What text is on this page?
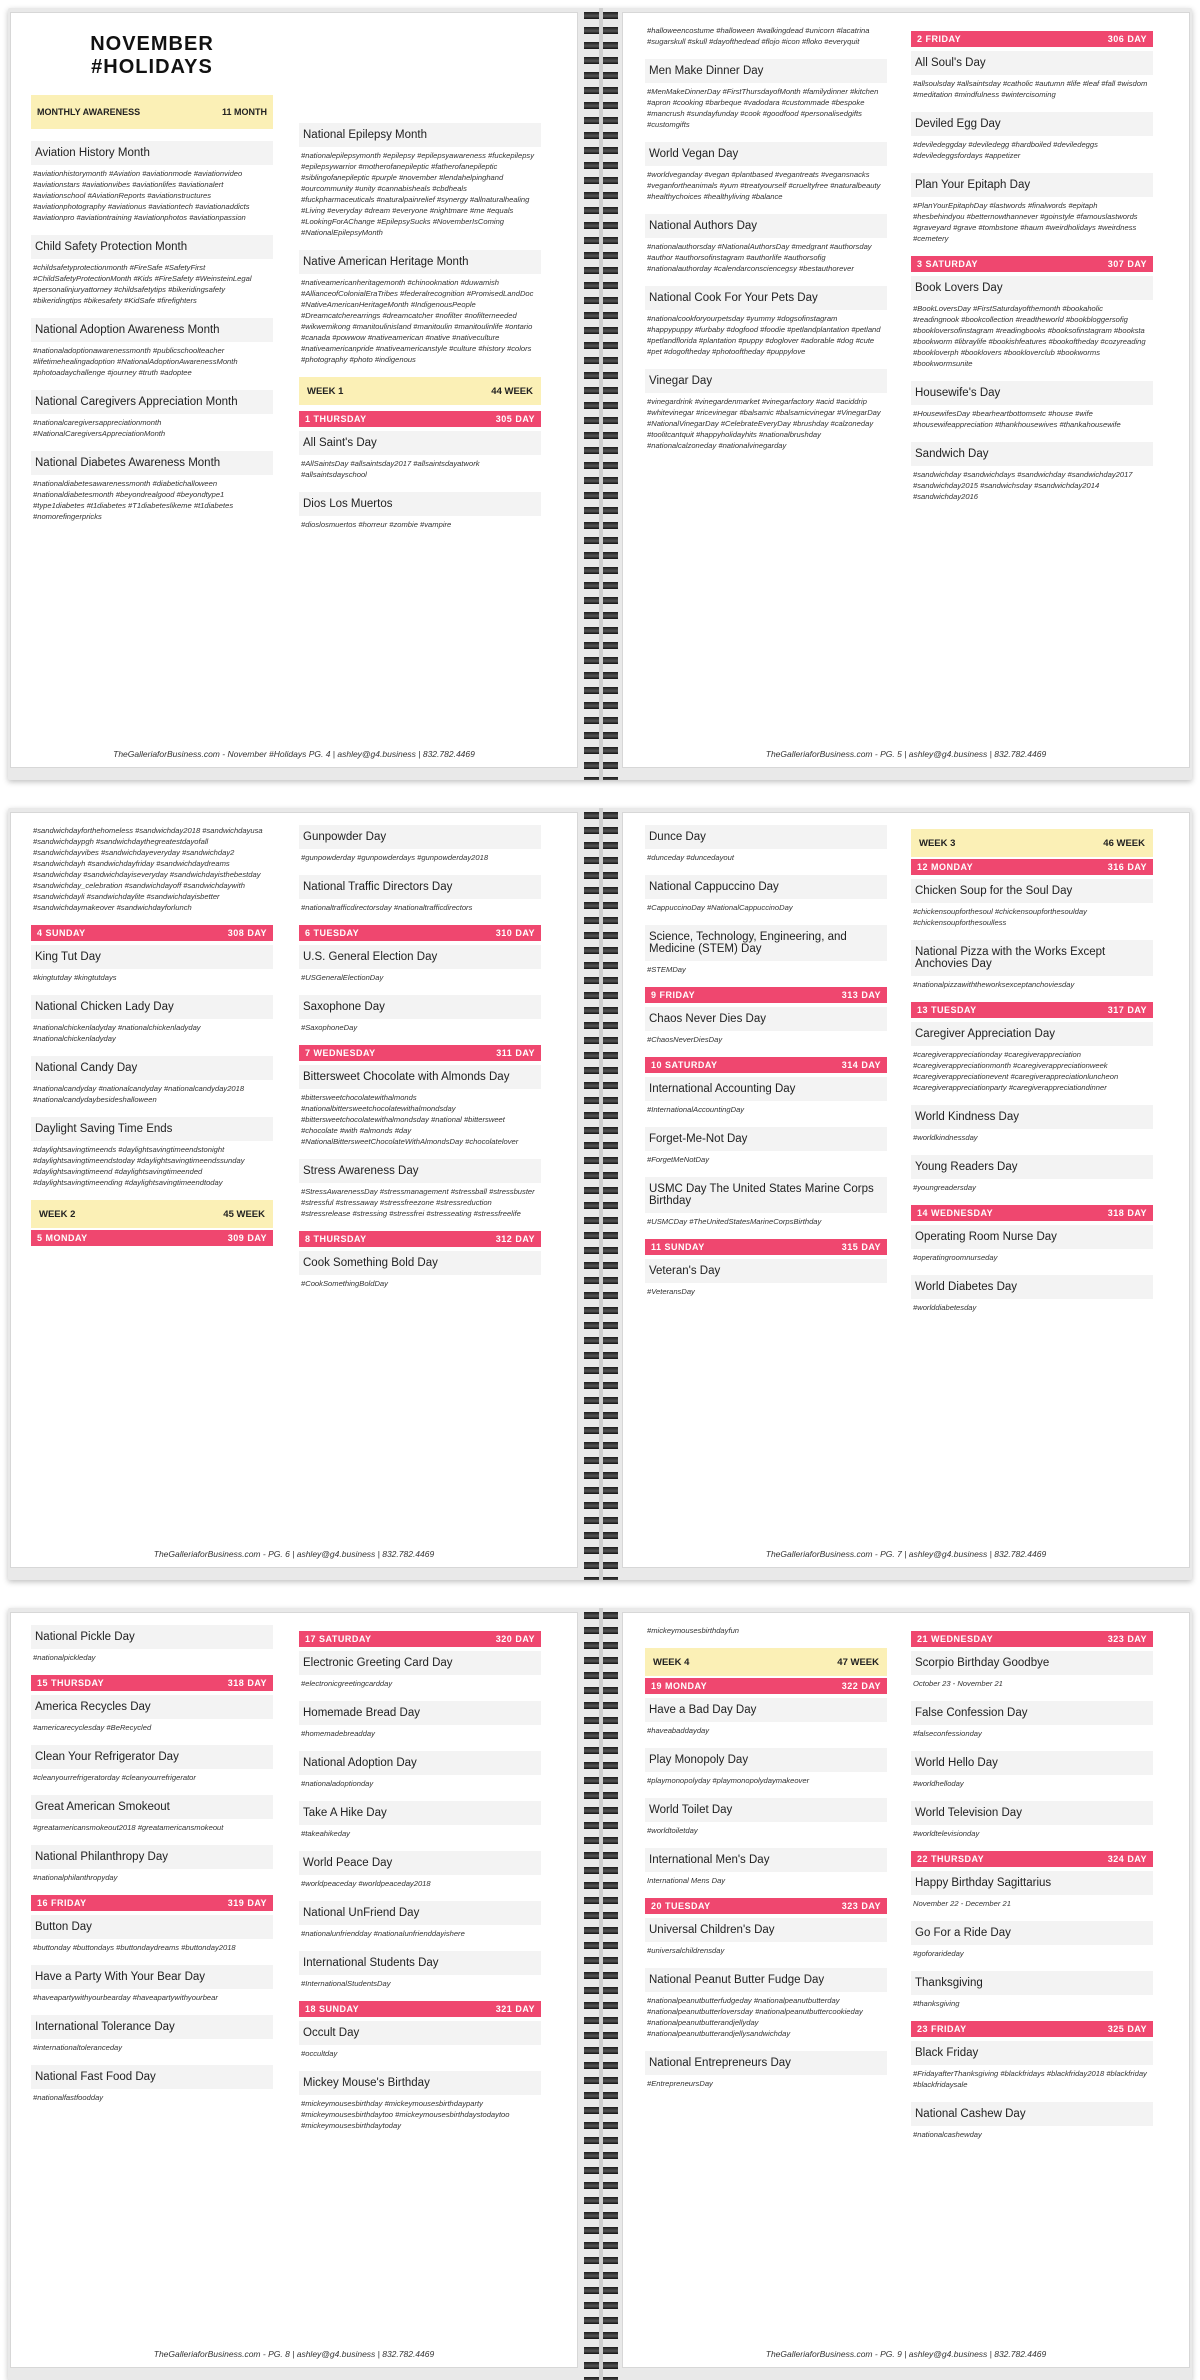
NOVEMBER #HOLIDAYS
MONTHLY AWARENESS	11 MONTH
Aviation History Month
#aviationhistorymonth #Aviation #aviationmode #aviationvideo #aviationstars #aviationvibes #aviationlifes #aviationalert #aviationschool #AviationReports #aviationstructures #aviationphotography #aviationus #aviationtech #aviationaddicts #aviationpro #aviationtraining #aviationphotos #aviationpassion
Child Safety Protection Month
#childsafetyprotectionmonth #FireSafe #SafetyFirst #ChildSafetyProtectionMonth #Kids #FireSafety #WeinsteinLegal #personalinjuryattorney #childsafetytips #bikeridingsafety #bikeridingtips #bikesafety #KidSafe #firefighters
National Adoption Awareness Month
#nationaladoptionawarenessmonth #publicschoolteacher #lifetimehealingadoption #NationalAdoptionAwarenessMonth #photoadaychallenge #journey #truth #adoptee
National Caregivers Appreciation Month
#nationalcaregiversappreciationmonth #NationalCaregiversAppreciationMonth
National Diabetes Awareness Month
#nationaldiabetesawarenessmonth #diabetichalloween #nationaldiabetesmonth #beyondrealgood #beyondtype1 #type1diabetes #t1diabetes #T1diabeteslikeme #t1diabetes #nomorefingerpricks
National Epilepsy Month
#nationalepilepsymonth #epilepsy #epilepsyawareness #fuckepilepsy #epilepsywarrior #motherofanepileptic #fatherofanepileptic #siblingofanepileptic #purple #november #lendahelpinghand #ourcommunity #unity #cannabisheals #cbdheals #fuckpharmaceuticals #naturalpainrelief #synergy #allnaturalhealing #Living #everyday #dream #everyone #nightmare #me #equals #LookingForAChange #EpilepsySucks #NovemberIsComing #NationalEpilepsyMonth
Native American Heritage Month
#nativeamericanheritagemonth #chinooknation #duwamish #AllianceofColonialEraTribes #federalrecognition #PromisedLandDoc #NativeAmericanHeritageMonth #IndigenousPeople #Dreamcatcherearrings #dreamcatcher #nofilter #nofilterneeded #wikwemikong #manitoulinisland #manitoulin #manitoulinlife #ontario #canada #powwow #nativeamerican #native #nativeculture #nativeamericanpride #nativeamericanstyle #culture #history #colors #photography #photo #indigenous
WEEK 1	44 WEEK
1 THURSDAY	305 DAY
All Saint's Day
#AllSaintsDay #allsaintsday2017 #allsaintsdayatwork #allsaintsdayschool
Dios Los Muertos
#dioslosmuertos #horreur #zombie #vampire
TheGalleriaforBusiness.com - November #Holidays PG. 4 | ashley@g4.business | 832.782.4469
#halloweencostume #halloween #walkingdead #unicorn #lacatrina #sugarskull #skull #dayofthedead #flojo #icon #floko #everyquit
Men Make Dinner Day
#MenMakeDinnerDay #FirstThursdayofMonth #familydinner #kitchen #apron #cooking #barbeque #vadodara #custommade #bespoke #mancrush #sundayfunday #cook #goodfood #personalisedgifts #customgifts
World Vegan Day
#worldveganday #vegan #plantbased #vegantreats #vegansnacks #veganfortheanimals #yum #treatyourself #crueltyfree #naturalbeauty #healthychoices #healthyliving #balance
National Authors Day
#nationalauthorsday #NationalAuthorsDay #medgrant #authorsday #author #authorsofinstagram #authorlife #authorsofig #nationalauthorday #calendarconsciencegsy #bestauthorever
National Cook For Your Pets Day
#nationalcookforyourpetsday #yummy #dogsofinstagram #happypuppy #furbaby #dogfood #foodie #petlandplantation #petland #petlandflorida #plantation #puppy #doglover #adorable #dog #cute #pet #dogoftheday #photooftheday #puppylove
Vinegar Day
#vinegardrink #vinegardenmarket #vinegarfactory #acid #aciddrip #whitevinegar #ricevinegar #balsamic #balsamicvinegar #VinegarDay #NationalVinegarDay #CelebrateEveryDay #brushday #calzoneday #toolitcantquit #happyholidayhits #nationalbrushday #nationalcalzoneday #nationalvinegarday
2 FRIDAY	306 DAY
All Soul's Day
#allsoulsday #allsaintsday #catholic #autumn #life #leaf #fall #wisdom #meditation #mindfulness #wintercisoming
Deviled Egg Day
#deviledeggday #deviledegg #hardboiled #deviledeggs #deviledeggsfordays #appetizer
Plan Your Epitaph Day
#PlanYourEpitaphDay #lastwords #finalwords #epitaph #hesbehindyou #betternowthannever #goinstyle #famouslastwords #graveyard #grave #tombstone #haum #weirdholidays #weirdness #cemetery
3 SATURDAY	307 DAY
Book Lovers Day
#BookLoversDay #FirstSaturdayofthemonth #bookaholic #readingnook #bookcollection #readtheworld #bookbloggersofig #bookloversofinstagram #readingbooks #booksofinstagram #booksta #bookworm #libraylife #bookishfeatures #bookoftheday #cozyreading #bookloverph #booklovers #bookloverclub #bookworms #bookwormsunite
Housewife's Day
#HousewifesDay #bearheartbottomsetc #house #wife #housewifeappreciation #thankhousewives #thankahousewife
Sandwich Day
#sandwichday #sandwichdays #sandwichday #sandwichday2017 #sandwichday2015 #sandwichsday #sandwichday2014 #sandwichday2016
TheGalleriaforBusiness.com - PG. 5 | ashley@g4.business | 832.782.4469
#sandwichdayforthehomeless #sandwichday2018 #sandwichdayusa #sandwichdaypgh #sandwichdaythegreatestdayofall #sandwichdayvibes #sandwichdayeveryday #sandwichday2 #sandwichdayh #sandwichdayfriday #sandwichdaydreams #sandwichday #sandwichdayiseveryday #sandwichdayisthebestday #sandwichday_celebration #sandwichdayoff #sandwichdaywith #sandwichdayli #sandwichdaylite #sandwichdayisbetter #sandwichdaymakeover #sandwichdayforlunch
4 SUNDAY	308 DAY
King Tut Day
#kingtutday #kingtutdays
National Chicken Lady Day
#nationalchickenladyday #nationalchickenladyday #nationalchickenladyday
National Candy Day
#nationalcandyday #nationalcandyday #nationalcandyday2018 #nationalcandydaybesideshalloween
Daylight Saving Time Ends
#daylightsavingtimeends #daylightsavingtimeendstonight #daylightsavingtimeendstoday #daylightsavingtimeendssunday #daylightsavingtimeend #daylightsavingtimeended #daylightsavingtimeending #daylightsavingtimeendtoday
WEEK 2	45 WEEK
5 MONDAY	309 DAY
Gunpowder Day
#gunpowderday #gunpowderdays #gunpowderday2018
National Traffic Directors Day
#nationaltrafficdirectorsday #nationaltrafficdirectors
6 TUESDAY	310 DAY
U.S. General Election Day
#USGeneralElectionDay
Saxophone Day
#SaxophoneDay
7 WEDNESDAY	311 DAY
Bittersweet Chocolate with Almonds Day
#bittersweetchocolatewithalmonds #nationalbittersweetchocolatewithalmondsday #bittersweetchocolatewithalmondsday #national #bittersweet #chocolate #with #almonds #day #NationalBittersweetChocolateWithAlmondsDay #chocolatelover
Stress Awareness Day
#StressAwarenessDay #stressmanagement #stressball #stressbuster #stressful #stressaway #stressfreezone #stressreduction #stressrelease #stressing #stressfrei #stresseating #stressfreelife
8 THURSDAY	312 DAY
Cook Something Bold Day
#CookSomethingBoldDay
TheGalleriaforBusiness.com - PG. 6 | ashley@g4.business | 832.782.4469
Dunce Day
#dunceday #duncedayout
National Cappuccino Day
#CappuccinoDay #NationalCappuccinoDay
Science, Technology, Engineering, and Medicine (STEM) Day
#STEMDay
9 FRIDAY	313 DAY
Chaos Never Dies Day
#ChaosNeverDiesDay
10 SATURDAY	314 DAY
International Accounting Day
#InternationalAccountingDay
Forget-Me-Not Day
#ForgetMeNotDay
USMC Day The United States Marine Corps Birthday
#USMCDay #TheUnitedStatesMarineCorpsBirthday
11 SUNDAY	315 DAY
Veteran's Day
#VeteransDay
WEEK 3	46 WEEK
12 MONDAY	316 DAY
Chicken Soup for the Soul Day
#chickensoupforthesoul #chickensoupforthesoulday #chickensoupforthesoulless
National Pizza with the Works Except Anchovies Day
#nationalpizzawiththeworksexceptanchoviesday
13 TUESDAY	317 DAY
Caregiver Appreciation Day
#caregiverappreciationday #caregiverappreciation #caregiverappreciationmonth #caregiverappreciationweek #caregiverappreciationevent #caregiverappreciationluncheon #caregiverappreciationparty #caregiverappreciationdinner
World Kindness Day
#worldkindnessday
Young Readers Day
#youngreadersday
14 WEDNESDAY	318 DAY
Operating Room Nurse Day
#operatingroomnurseday
World Diabetes Day
#worlddiabetesday
TheGalleriaforBusiness.com - PG. 7 | ashley@g4.business | 832.782.4469
National Pickle Day
#nationalpickleday
15 THURSDAY	318 DAY
America Recycles Day
#americarecyclesday #BeRecycled
Clean Your Refrigerator Day
#cleanyourrefrigeratorday #cleanyourrefrigerator
Great American Smokeout
#greatamericansmokeout2018 #greatamericansmokeout
National Philanthropy Day
#nationalphilanthropyday
16 FRIDAY	319 DAY
Button Day
#buttonday #buttondays #buttondaydreams #buttonday2018
Have a Party With Your Bear Day
#haveapartywithyourbearday #haveapartywithyourbear
International Tolerance Day
#internationaltoleranceday
National Fast Food Day
#nationalfastfoodday
17 SATURDAY	320 DAY
Electronic Greeting Card Day
#electronicgreetingcardday
Homemade Bread Day
#homemadebreadday
National Adoption Day
#nationaladoptionday
Take A Hike Day
#takeahikeday
World Peace Day
#worldpeaceday #worldpeaceday2018
National UnFriend Day
#nationalunfriendday #nationalunfrienddayishere
International Students Day
#InternationalStudentsDay
18 SUNDAY	321 DAY
Occult Day
#occultday
Mickey Mouse's Birthday
#mickeymousesbirthday #mickeymousesbirthdayparty #mickeymousesbirthdaytoo #mickeymousesbirthdaystodaytoo #mickeymousesbirthdaytoday
TheGalleriaforBusiness.com - PG. 8 | ashley@g4.business | 832.782.4469
#mickeymousesbirthdayfun
WEEK 4	47 WEEK
19 MONDAY	322 DAY
Have a Bad Day Day
#haveabaddayday
Play Monopoly Day
#playmonopolyday #playmonopolydaymakeover
World Toilet Day
#worldtoiletday
International Men's Day
International Mens Day
20 TUESDAY	323 DAY
Universal Children's Day
#universalchildrensday
National Peanut Butter Fudge Day
#nationalpeanutbutterfudgeday #nationalpeanutbutterday #nationalpeanutbutterloversday #nationalpeanutbuttercookieday #nationalpeanutbutterandjellyday #nationalpeanutbutterandjellysandwichday
National Entrepreneurs Day
#EntrepreneursDay
21 WEDNESDAY	323 DAY
Scorpio Birthday Goodbye
October 23 - November 21
False Confession Day
#falseconfessionday
World Hello Day
#worldhelloday
World Television Day
#worldtelevisionday
22 THURSDAY	324 DAY
Happy Birthday Sagittarius
November 22 - December 21
Go For a Ride Day
#goforarideday
Thanksgiving
#thanksgiving
23 FRIDAY	325 DAY
Black Friday
#FridayafterThanksgiving #blackfridays #blackfriday2018 #blackfriday #blackfridaysale
National Cashew Day
#nationalcashewday
TheGalleriaforBusiness.com - PG. 9 | ashley@g4.business | 832.782.4469
